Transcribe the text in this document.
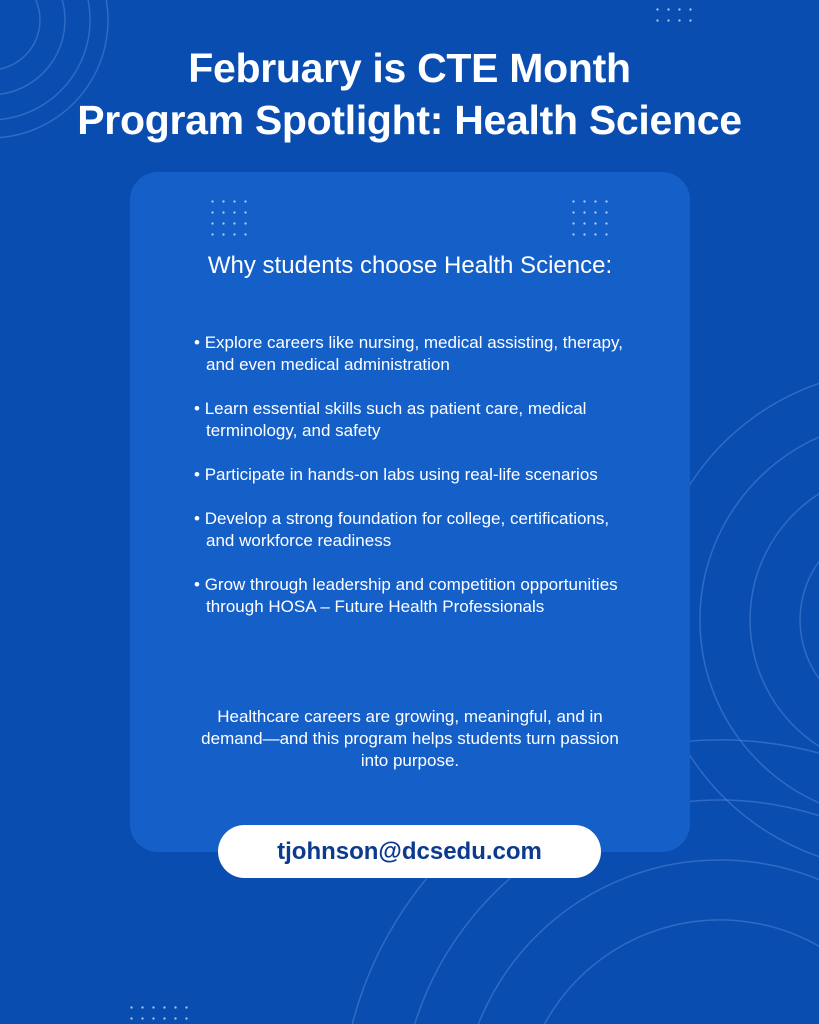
February is CTE Month
Program Spotlight: Health Science
Why students choose Health Science:
• Explore careers like nursing, medical assisting, therapy, and even medical administration
• Learn essential skills such as patient care, medical terminology, and safety
• Participate in hands-on labs using real-life scenarios
• Develop a strong foundation for college, certifications, and workforce readiness
• Grow through leadership and competition opportunities through HOSA – Future Health Professionals
Healthcare careers are growing, meaningful, and in demand—and this program helps students turn passion into purpose.
tjohnson@dcsedu.com
